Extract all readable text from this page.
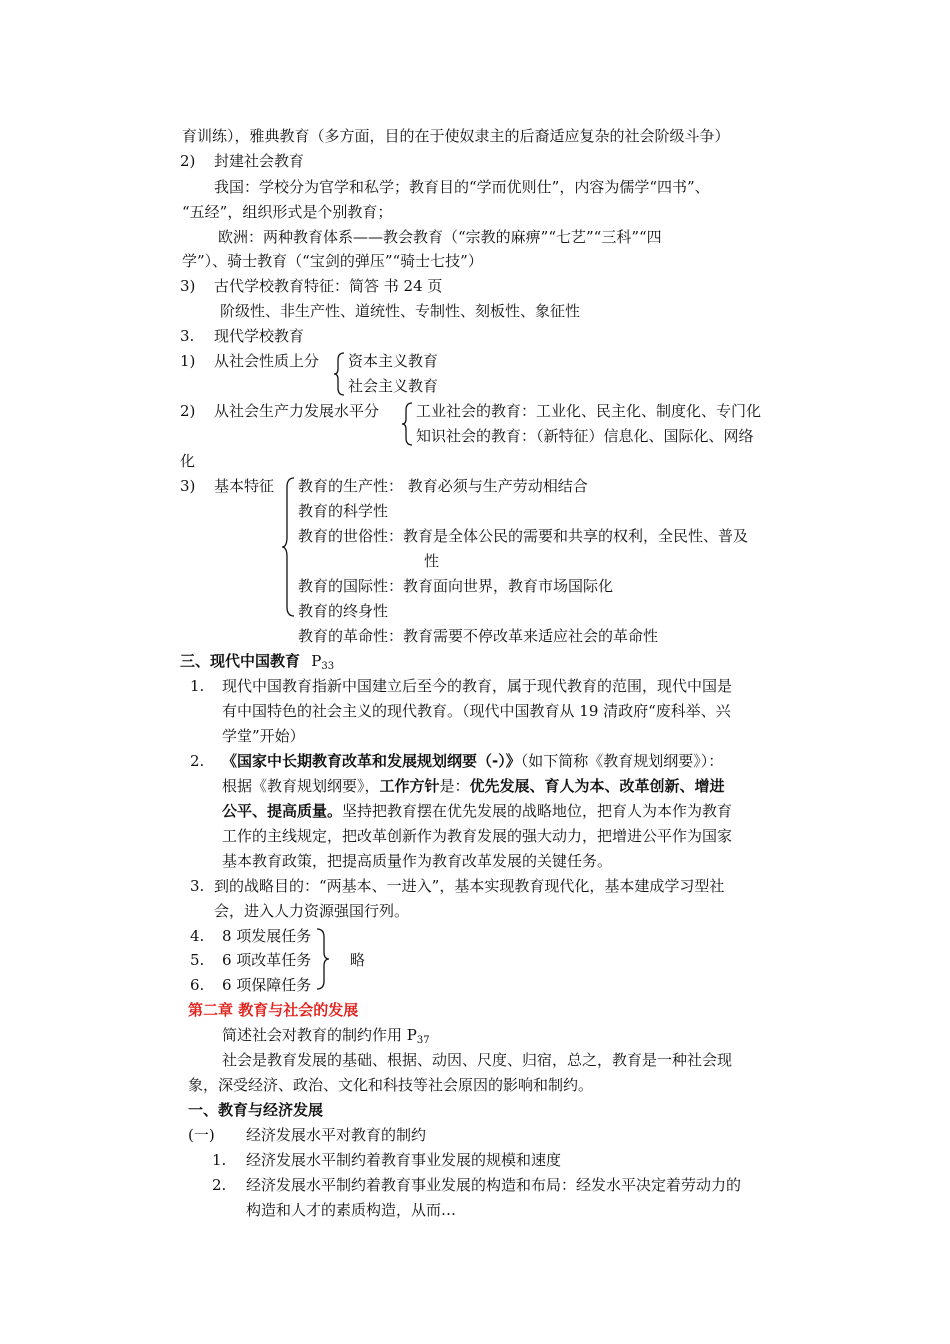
育训练），雅典教育（多方面，目的在于使奴隶主的后裔适应复杂的社会阶级斗争）
2) 封建社会教育
我国：学校分为官学和私学；教育目的“学而优则仕”，内容为儒学“四书”、
“五经”，组织形式是个别教育；
欧洲：两种教育体系——教会教育（“宗教的麻痹”“七艺”“三科”“四
学”）、骑士教育（“宝剑的弹压”“骑士七技”）
3) 古代学校教育特征：简答 书 24 页
阶级性、非生产性、道统性、专制性、刻板性、象征性
3. 现代学校教育
1) 从社会性质上分 资本主义教育
社会主义教育
2) 从社会生产力发展水平分 工业社会的教育：工业化、民主化、制度化、专门化
知识社会的教育：（新特征）信息化、国际化、网络
化
3) 基本特征 教育的生产性： 教育必须与生产劳动相结合
教育的科学性
教育的世俗性：教育是全体公民的需要和共享的权利，全民性、普及
性
教育的国际性：教育面向世界，教育市场国际化
教育的终身性
教育的革命性：教育需要不停改革来适应社会的革命性
三、现代中国教育 $P_{33}$
1. 现代中国教育指新中国建立后至今的教育，属于现代教育的范围，现代中国是
有中国特色的社会主义的现代教育。（现代中国教育从 19 清政府“废科举、兴
学堂”开始）
2. 《国家中长期教育改革和发展规划纲要（-）》（如下简称《教育规划纲要》）：
根据《教育规划纲要》，工作方针是：优先发展、育人为本、改革创新、增进
公平、提高质量。坚持把教育摆在优先发展的战略地位，把育人为本作为教育
工作的主线规定，把改革创新作为教育发展的强大动力，把增进公平作为国家
基本教育政策，把提高质量作为教育改革发展的关键任务。
3. 到的战略目的：“两基本、一进入”，基本实现教育现代化，基本建成学习型社
会，进入人力资源强国行列。
4. 8 项发展任务
5. 6 项改革任务
6. 6 项保障任务
略
第二章 教育与社会的发展
简述社会对教育的制约作用 $P_{37}$
社会是教育发展的基础、根据、动因、尺度、归宿，总之，教育是一种社会现
象，深受经济、政治、文化和科技等社会原因的影响和制约。
一、教育与经济发展
(一) 经济发展水平对教育的制约
1. 经济发展水平制约着教育事业发展的规模和速度
2. 经济发展水平制约着教育事业发展的构造和布局：经发水平决定着劳动力的
构造和人才的素质构造，从而…
